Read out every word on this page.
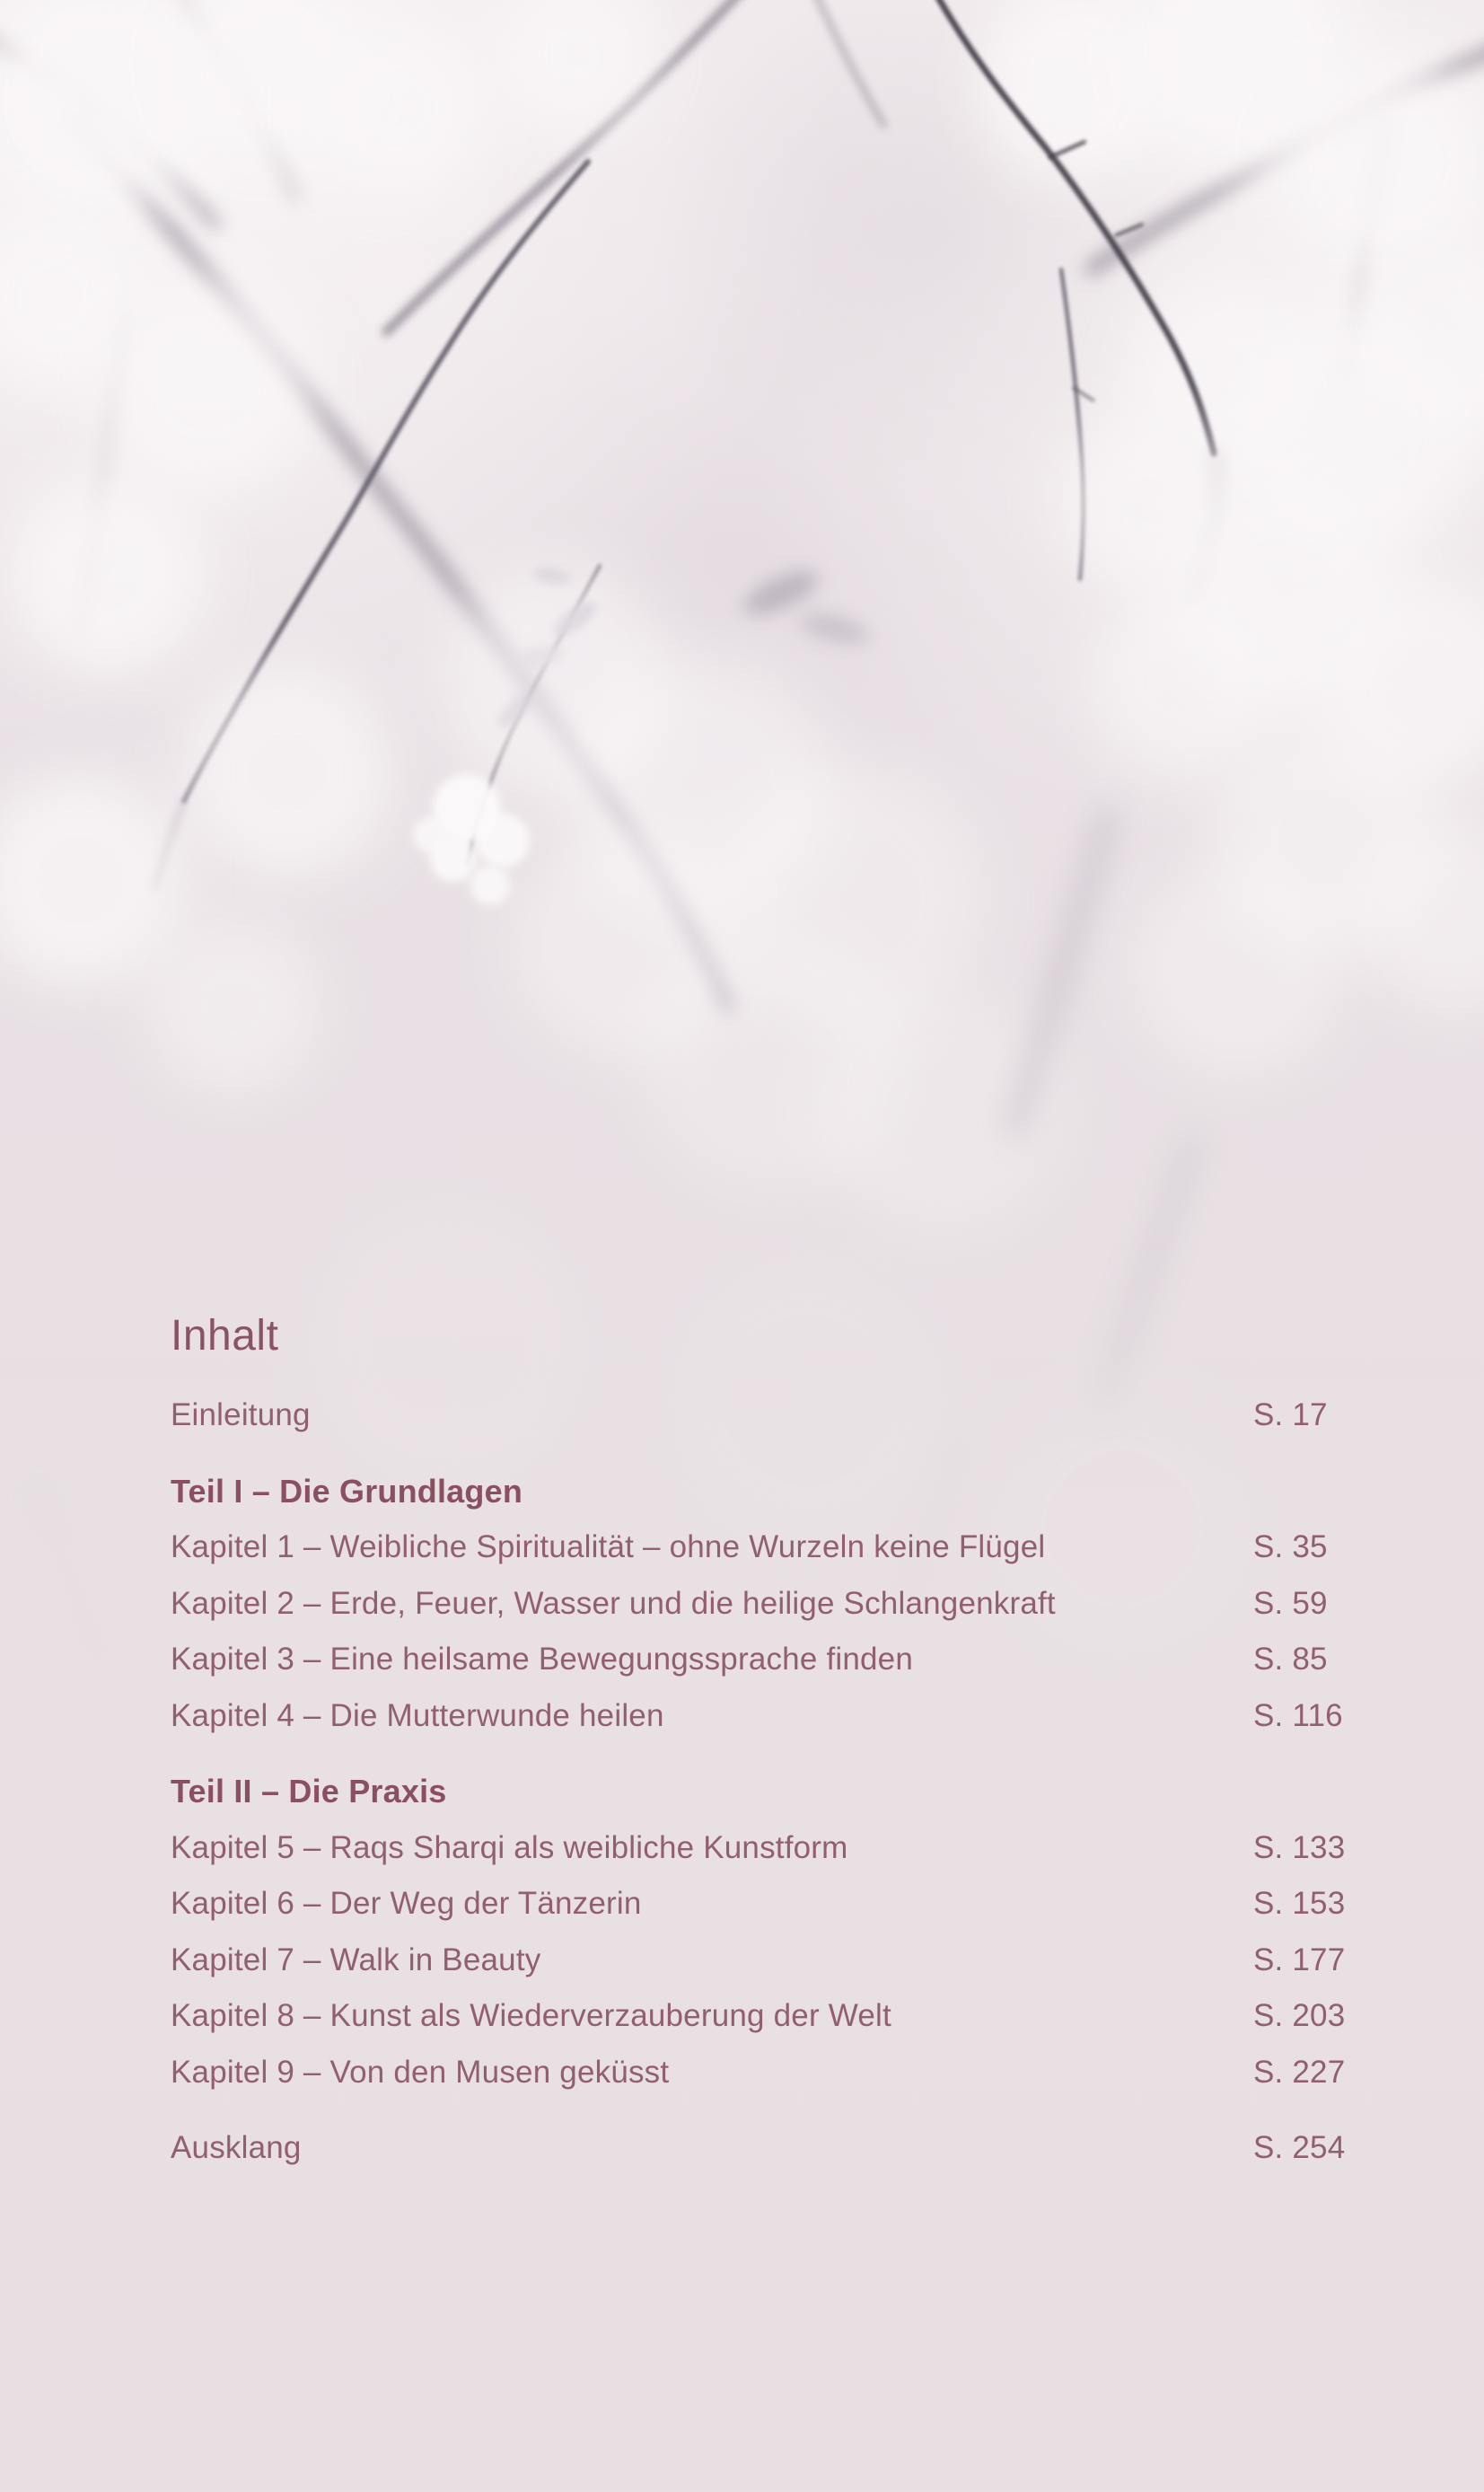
Inhalt
Einleitung	S. 17
Teil I – Die Grundlagen
Kapitel 1 – Weibliche Spiritualität – ohne Wurzeln keine Flügel	S. 35
Kapitel 2 – Erde, Feuer, Wasser und die heilige Schlangenkraft	S. 59
Kapitel 3 – Eine heilsame Bewegungssprache finden	S. 85
Kapitel 4 – Die Mutterwunde heilen	S. 116
Teil II – Die Praxis
Kapitel 5 – Raqs Sharqi als weibliche Kunstform	S. 133
Kapitel 6 – Der Weg der Tänzerin	S. 153
Kapitel 7 – Walk in Beauty	S. 177
Kapitel 8 – Kunst als Wiederverzauberung der Welt	S. 203
Kapitel 9 – Von den Musen geküsst	S. 227
Ausklang	S. 254
